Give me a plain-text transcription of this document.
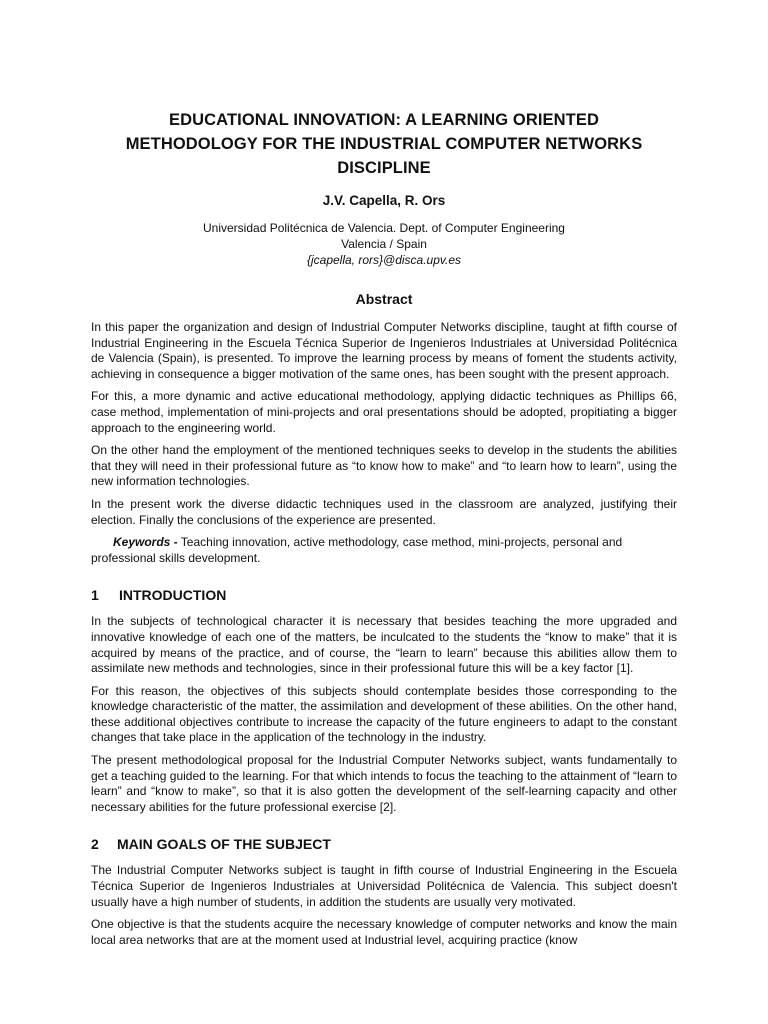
EDUCATIONAL INNOVATION: A LEARNING ORIENTED
METHODOLOGY FOR THE INDUSTRIAL COMPUTER NETWORKS
DISCIPLINE
J.V. Capella, R. Ors
Universidad Politécnica de Valencia. Dept. of Computer Engineering
Valencia / Spain
{jcapella, rors}@disca.upv.es
Abstract

In this paper the organization and design of Industrial Computer Networks discipline, taught at fifth course of Industrial Engineering in the Escuela Técnica Superior de Ingenieros Industriales at Universidad Politécnica de Valencia (Spain), is presented. To improve the learning process by means of foment the students activity, achieving in consequence a bigger motivation of the same ones, has been sought with the present approach.

For this, a more dynamic and active educational methodology, applying didactic techniques as Phillips 66, case method, implementation of mini-projects and oral presentations should be adopted, propitiating a bigger approach to the engineering world.

On the other hand the employment of the mentioned techniques seeks to develop in the students the abilities that they will need in their professional future as “to know how to make” and “to learn how to learn”, using the new information technologies.

In the present work the diverse didactic techniques used in the classroom are analyzed, justifying their election. Finally the conclusions of the experience are presented.

Keywords - Teaching innovation, active methodology, case method, mini-projects, personal and professional skills development.
1 INTRODUCTION

In the subjects of technological character it is necessary that besides teaching the more upgraded and innovative knowledge of each one of the matters, be inculcated to the students the “know to make” that it is acquired by means of the practice, and of course, the “learn to learn” because this abilities allow them to assimilate new methods and technologies, since in their professional future this will be a key factor [1].

For this reason, the objectives of this subjects should contemplate besides those corresponding to the knowledge characteristic of the matter, the assimilation and development of these abilities. On the other hand, these additional objectives contribute to increase the capacity of the future engineers to adapt to the constant changes that take place in the application of the technology in the industry.

The present methodological proposal for the Industrial Computer Networks subject, wants fundamentally to get a teaching guided to the learning. For that which intends to focus the teaching to the attainment of “learn to learn” and “know to make”, so that it is also gotten the development of the self-learning capacity and other necessary abilities for the future professional exercise [2].

2 MAIN GOALS OF THE SUBJECT

The Industrial Computer Networks subject is taught in fifth course of Industrial Engineering in the Escuela Técnica Superior de Ingenieros Industriales at Universidad Politécnica de Valencia. This subject doesn't usually have a high number of students, in addition the students are usually very motivated.

One objective is that the students acquire the necessary knowledge of computer networks and know the main local area networks that are at the moment used at Industrial level, acquiring practice (know
